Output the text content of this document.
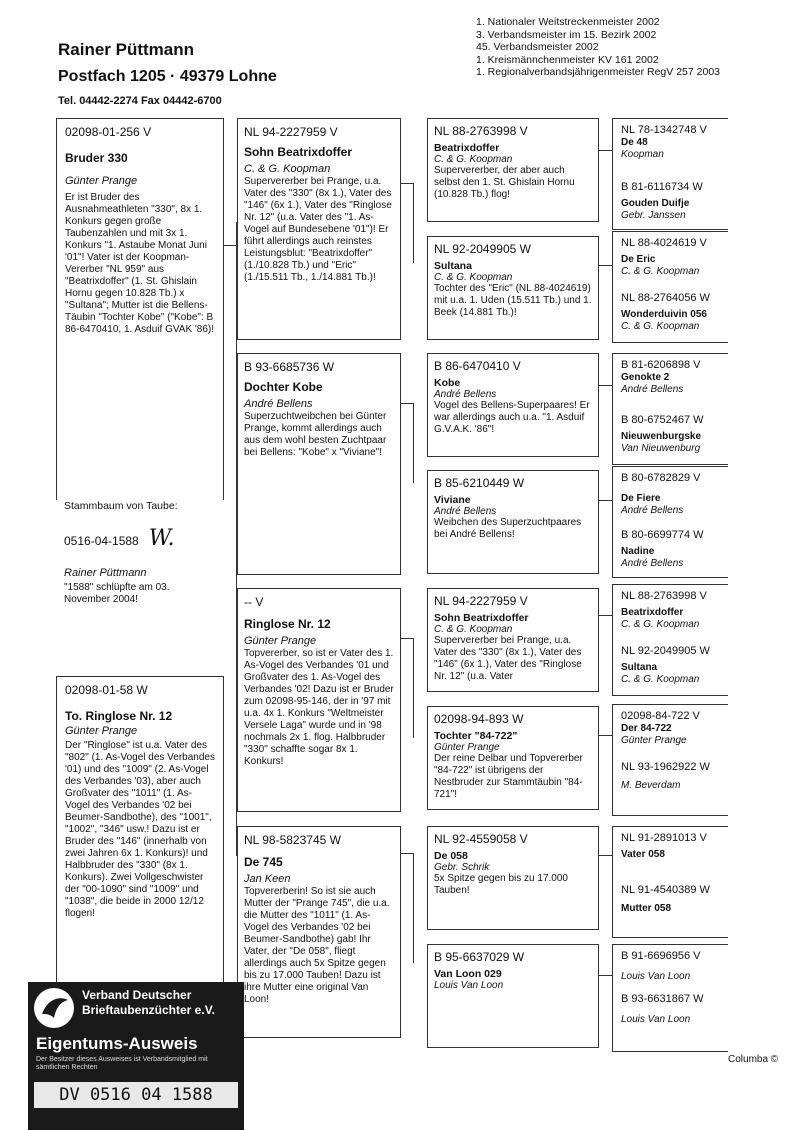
1. Nationaler Weitstreckenmeister 2002
3. Verbandsmeister im 15. Bezirk 2002
45. Verbandsmeister 2002
1. Kreismännchenmeister KV 161 2002
1. Regionalverbandsjährigenmeister RegV 257 2003
Rainer Püttmann
Postfach 1205 · 49379 Lohne
Tel. 04442-2274 Fax 04442-6700
02098-01-256 V
Bruder 330
Günter Prange
Er ist Bruder des Ausnahmeathleten "330", 8x 1. Konkurs gegen große Taubenzahlen und mit 3x 1. Konkurs "1. Astaube Monat Juni '01"! Vater ist der Koopman-Vererber "NL 959" aus "Beatrixdoffer" (1. St. Ghislain Hornu gegen 10.828 Tb.) x "Sultana"; Mutter ist die Bellens-Täubin "Tochter Kobe" ("Kobe": B 86-6470410, 1. Asduif GVAK '86)!
Stammbaum von Taube:
0516-04-1588 W.
Rainer Püttmann
"1588" schlüpfte am 03. November 2004!
02098-01-58 W
To. Ringlose Nr. 12
Günter Prange
Der "Ringlose" ist u.a. Vater des "802" (1. As-Vogel des Verbandes '01) und des "1009" (2. As-Vogel des Verbandes '03), aber auch Großvater des "1011" (1. As-Vogel des Verbandes '02 bei Beumer-Sandbothe), des "1001", "1002", "346" usw.! Dazu ist er Bruder des "146" (innerhalb von zwei Jahren 6x 1. Konkurs)! und Halbbruder des "330" (8x 1. Konkurs). Zwei Vollgeschwister der "00-1090" sind "1009" und "1038", die beide in 2000 12/12 flogen!
NL 94-2227959 V
Sohn Beatrixdoffer
C. & G. Koopman
Supervererber bei Prange, u.a. Vater des "330" (8x 1.), Vater des "146" (6x 1.), Vater des "Ringlose Nr. 12" (u.a. Vater des "1. As-Vogel auf Bundesebene '01")! Er führt allerdings auch reinstes Leistungsblut: "Beatrixdoffer" (1./10.828 Tb.) und "Eric" (1./15.511 Tb., 1./14.881 Tb.)!
B 93-6685736 W
Dochter Kobe
André Bellens
Superzuchtweibchen bei Günter Prange, kommt allerdings auch aus dem wohl besten Zuchtpaar bei Bellens: "Kobe" x "Viviane"!
-- V
Ringlose Nr. 12
Günter Prange
Topvererber, so ist er Vater des 1. As-Vogel des Verbandes '01 und Großvater des 1. As-Vogel des Verbandes '02! Dazu ist er Bruder zum 02098-95-146, der in '97 mit u.a. 4x 1. Konkurs "Weltmeister Versele Laga" wurde und in '98 nochmals 2x 1. flog. Halbbruder "330" schaffte sogar 8x 1. Konkurs!
NL 98-5823745 W
De 745
Jan Keen
Topvererberin! So ist sie auch Mutter der "Prange 745", die u.a. die Mutter des "1011" (1. As-Vogel des Verbandes '02 bei Beumer-Sandbothe) gab! Ihr Vater, der "De 058", fliegt allerdings auch 5x Spitze gegen bis zu 17.000 Tauben! Dazu ist ihre Mutter eine original Van Loon!
NL 88-2763998 V
Beatrixdoffer
C. & G. Koopman
Supervererber, der aber auch selbst den 1. St. Ghislain Hornu (10.828 Tb.) flog!
NL 92-2049905 W
Sultana
C. & G. Koopman
Tochter des "Eric" (NL 88-4024619) mit u.a. 1. Uden (15.511 Tb.) und 1. Beek (14.881 Tb.)!
B 86-6470410 V
Kobe
André Bellens
Vogel des Bellens-Superpaares! Er war allerdings auch u.a. "1. Asduif G.V.A.K. '86"!
B 85-6210449 W
Viviane
André Bellens
Weibchen des Superzuchtpaares bei André Bellens!
NL 94-2227959 V
Sohn Beatrixdoffer
C. & G. Koopman
Supervererber bei Prange, u.a. Vater des "330" (8x 1.), Vater des "146" (6x 1.), Vater des "Ringlose Nr. 12" (u.a. Vater
02098-94-893 W
Tochter "84-722"
Günter Prange
Der reine Delbar und Topvererber "84-722" ist übrigens der Nestbruder zur Stammtäubin "84-721"!
NL 92-4559058 V
De 058
Gebr. Schrik
5x Spitze gegen bis zu 17.000 Tauben!
B 95-6637029 W
Van Loon 029
Louis Van Loon
NL 78-1342748 V
De 48
Koopman
B 81-6116734 W
Gouden Duifje
Gebr. Janssen
NL 88-4024619 V
De Eric
C. & G. Koopman
NL 88-2764056 W
Wonderduivin 056
C. & G. Koopman
B 81-6206898 V
Genokte 2
André Bellens
B 80-6752467 W
Nieuwenburgske
Van Nieuwenburg
B 80-6782829 V
De Fiere
André Bellens
B 80-6699774 W
Nadine
André Bellens
NL 88-2763998 V
Beatrixdoffer
C. & G. Koopman
NL 92-2049905 W
Sultana
C. & G. Koopman
02098-84-722 V
Der 84-722
Günter Prange
NL 93-1962922 W
M. Beverdam
NL 91-2891013 V
Vater 058
NL 91-4540389 W
Mutter 058
B 91-6696956 V
Louis Van Loon
B 93-6631867 W
Louis Van Loon
Columba ©
Verband Deutscher
Brieftaubenzüchter e.V.
Eigentums-Ausweis
Der Besitzer dieses Ausweises ist Verbandsmitglied mit sämtlichen Rechten
DV 0516 04 1588
